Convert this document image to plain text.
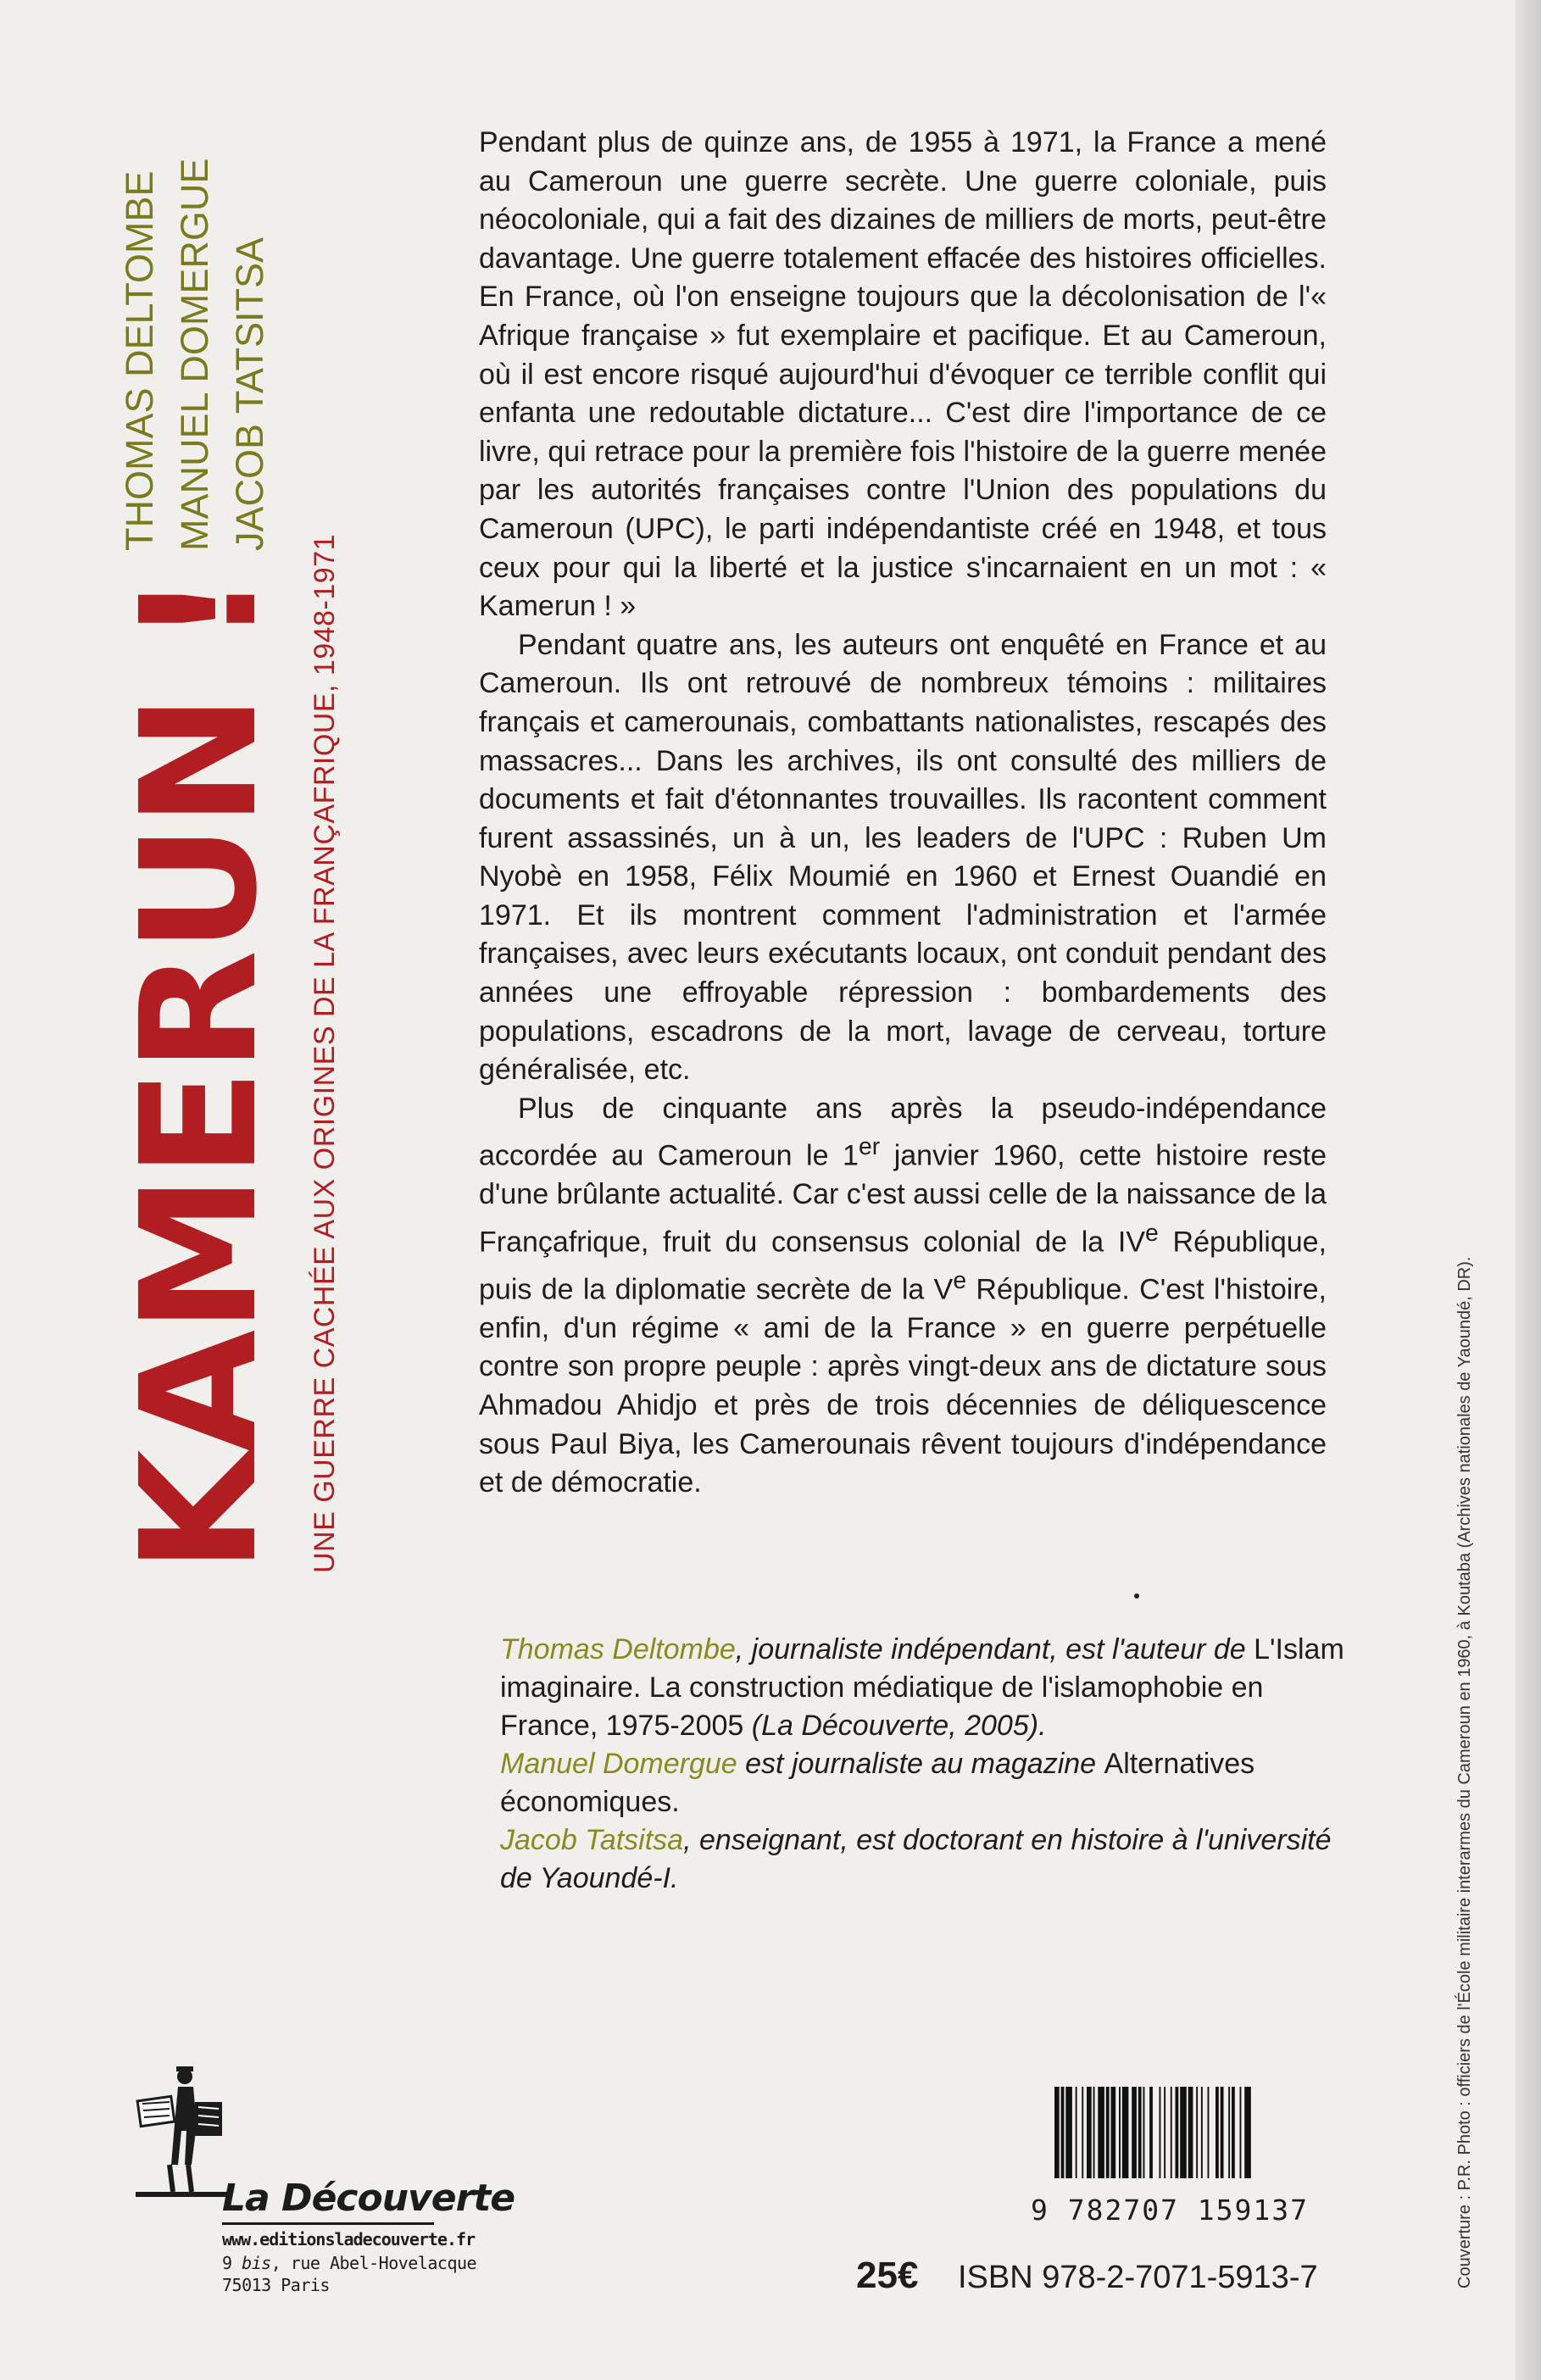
KAMERUN ! UNE GUERRE CACHÉE AUX ORIGINES DE LA FRANÇAFRIQUE, 1948-1971
THOMAS DELTOMBE MANUEL DOMERGUE JACOB TATSITSA

Pendant plus de quinze ans, de 1955 à 1971, la France a mené au Cameroun une guerre secrète. Une guerre coloniale, puis néocoloniale, qui a fait des dizaines de milliers de morts, peut-être davantage. Une guerre totalement effacée des histoires officielles. En France, où l'on enseigne toujours que la décolonisation de l'« Afrique française » fut exemplaire et pacifique. Et au Cameroun, où il est encore risqué aujourd'hui d'évoquer ce terrible conflit qui enfanta une redoutable dictature... C'est dire l'importance de ce livre, qui retrace pour la première fois l'histoire de la guerre menée par les autorités françaises contre l'Union des populations du Cameroun (UPC), le parti indépendantiste créé en 1948, et tous ceux pour qui la liberté et la justice s'incarnaient en un mot : « Kamerun ! »

Pendant quatre ans, les auteurs ont enquêté en France et au Cameroun. Ils ont retrouvé de nombreux témoins : militaires français et camerounais, combattants nationalistes, rescapés des massacres... Dans les archives, ils ont consulté des milliers de documents et fait d'étonnantes trouvailles. Ils racontent comment furent assassinés, un à un, les leaders de l'UPC : Ruben Um Nyobè en 1958, Félix Moumié en 1960 et Ernest Ouandié en 1971. Et ils montrent comment l'administration et l'armée françaises, avec leurs exécutants locaux, ont conduit pendant des années une effroyable répression : bombardements des populations, escadrons de la mort, lavage de cerveau, torture généralisée, etc.

Plus de cinquante ans après la pseudo-indépendance accordée au Cameroun le 1er janvier 1960, cette histoire reste d'une brûlante actualité. Car c'est aussi celle de la naissance de la Françafrique, fruit du consensus colonial de la IVe République, puis de la diplomatie secrète de la Ve République. C'est l'histoire, enfin, d'un régime « ami de la France » en guerre perpétuelle contre son propre peuple : après vingt-deux ans de dictature sous Ahmadou Ahidjo et près de trois décennies de déliquescence sous Paul Biya, les Camerounais rêvent toujours d'indépendance et de démocratie.

Thomas Deltombe, journaliste indépendant, est l'auteur de L'Islam imaginaire. La construction médiatique de l'islamophobie en France, 1975-2005 (La Découverte, 2005).

Manuel Domergue est journaliste au magazine Alternatives économiques.

Jacob Tatsitsa, enseignant, est doctorant en histoire à l'université de Yaoundé-I.	Couverture : P.R. Photo : officiers de l'École militaire interarmes du Cameroun en 1960, à Koutaba (Archives nationales de Yaoundé, DR).
La Découverte
www.editionsladecouverte.fr
9 bis, rue Abel-Hovelacque
75013 Paris
9 782707 159137
25€ ISBN 978-2-7071-5913-7
